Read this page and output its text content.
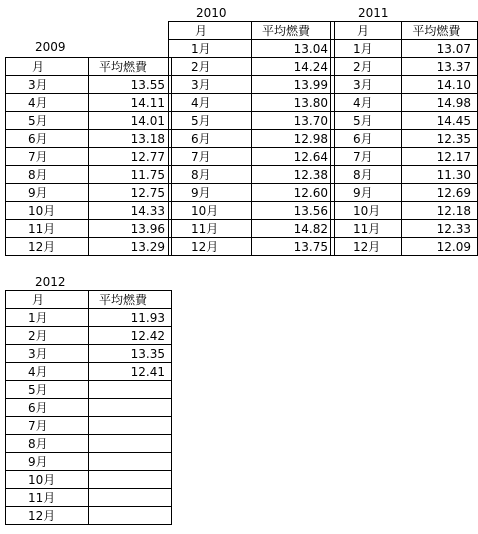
2009
月	平均燃費
3月	13.55
4月	14.11
5月	14.01
6月	13.18
7月	12.77
8月	11.75
9月	12.75
10月	14.33
11月	13.96
12月	13.29
2010
月	平均燃費
1月	13.04
2月	14.24
3月	13.99
4月	13.80
5月	13.70
6月	12.98
7月	12.64
8月	12.38
9月	12.60
10月	13.56
11月	14.82
12月	13.75
2011
月	平均燃費
1月	13.07
2月	13.37
3月	14.10
4月	14.98
5月	14.45
6月	12.35
7月	12.17
8月	11.30
9月	12.69
10月	12.18
11月	12.33
12月	12.09
2012
月	平均燃費
1月	11.93
2月	12.42
3月	13.35
4月	12.41
5月	
6月	
7月	
8月	
9月	
10月	
11月	
12月	
